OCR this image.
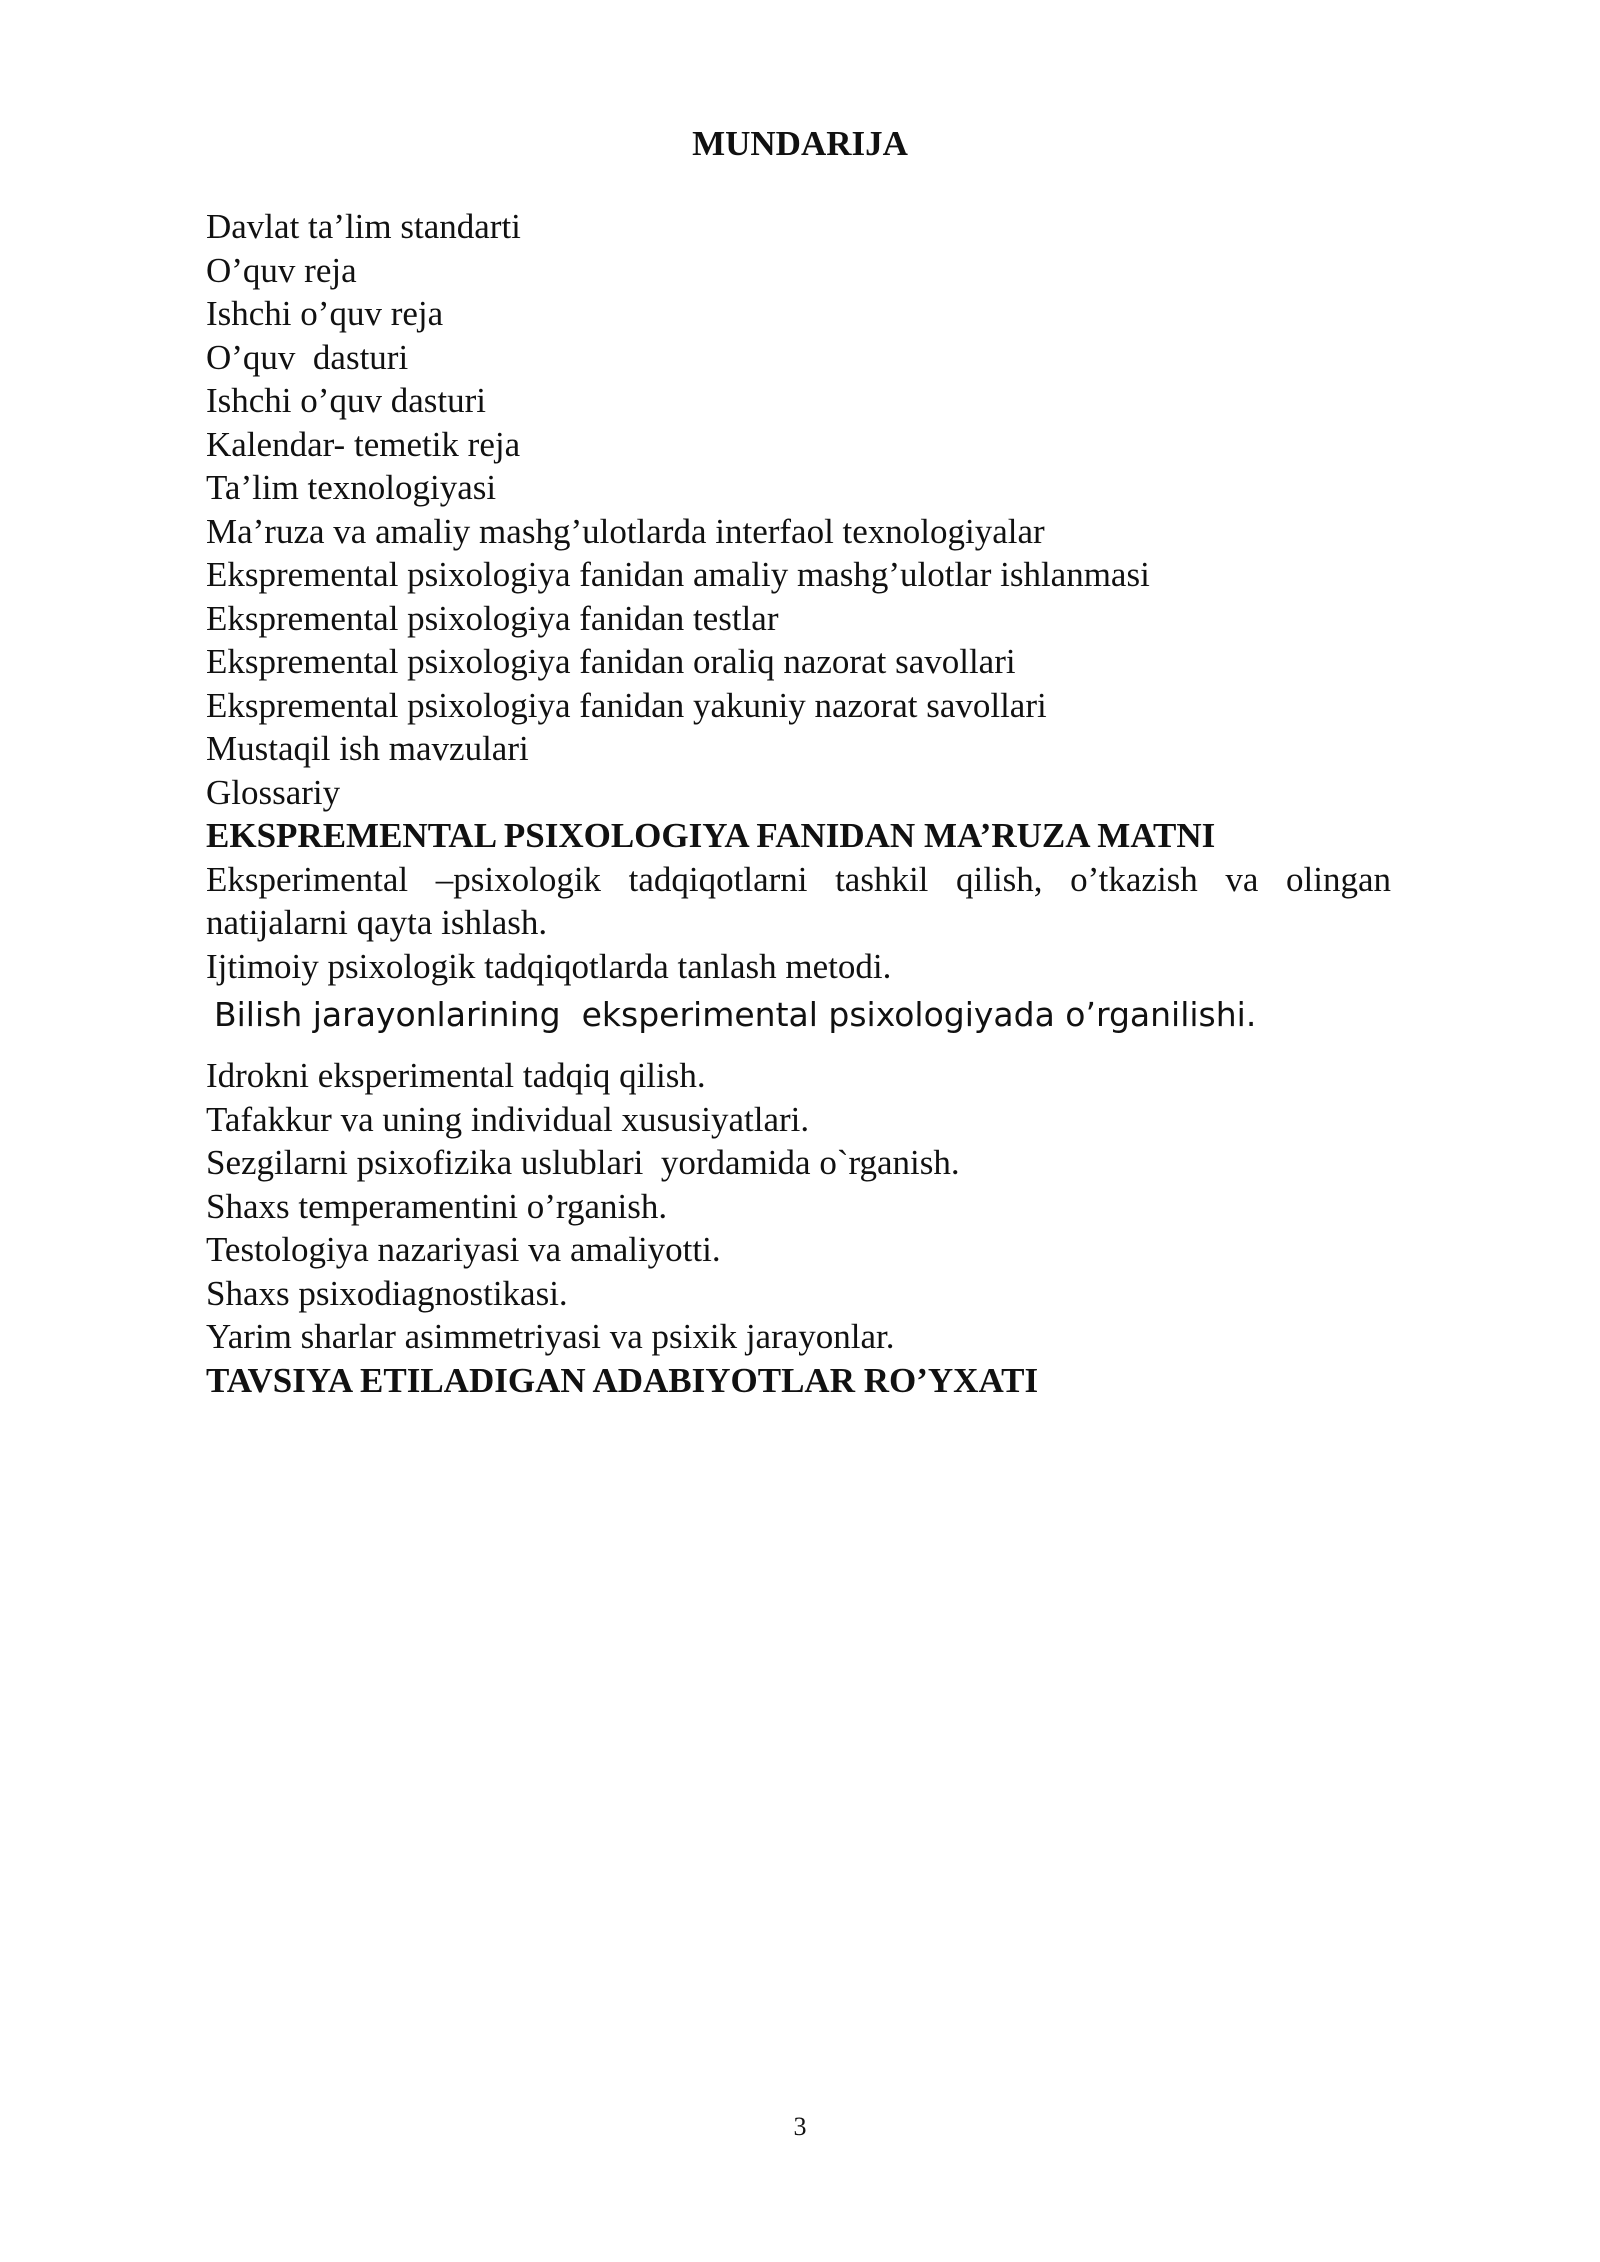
MUNDARIJA
Davlat ta’lim standarti
O’quv reja
Ishchi o’quv reja
O’quv  dasturi
Ishchi o’quv dasturi
Kalendar- temetik reja
Ta’lim texnologiyasi
Ma’ruza va amaliy mashg’ulotlarda interfaol texnologiyalar
Ekspremental psixologiya fanidan amaliy mashg’ulotlar ishlanmasi
Ekspremental psixologiya fanidan testlar
Ekspremental psixologiya fanidan oraliq nazorat savollari
Ekspremental psixologiya fanidan yakuniy nazorat savollari
Mustaqil ish mavzulari
Glossariy
EKSPREMENTAL PSIXOLOGIYA FANIDAN MA’RUZA MATNI
Eksperimental –psixologik tadqiqotlarni tashkil qilish, o’tkazish va olingan natijalarni qayta ishlash.
Ijtimoiy psixologik tadqiqotlarda tanlash metodi.
Bilish jarayonlarining  eksperimental psixologiyada o’rganilishi.
Idrokni eksperimental tadqiq qilish.
Tafakkur va uning individual xususiyatlari.
Sezgilarni psixofizika uslublari  yordamida o`rganish.
Shaxs temperamentini o’rganish.
Testologiya nazariyasi va amaliyotti.
Shaxs psixodiagnostikasi.
Yarim sharlar asimmetriyasi va psixik jarayonlar.
TAVSIYA ETILADIGAN ADABIYOTLAR RO’YXATI
3
